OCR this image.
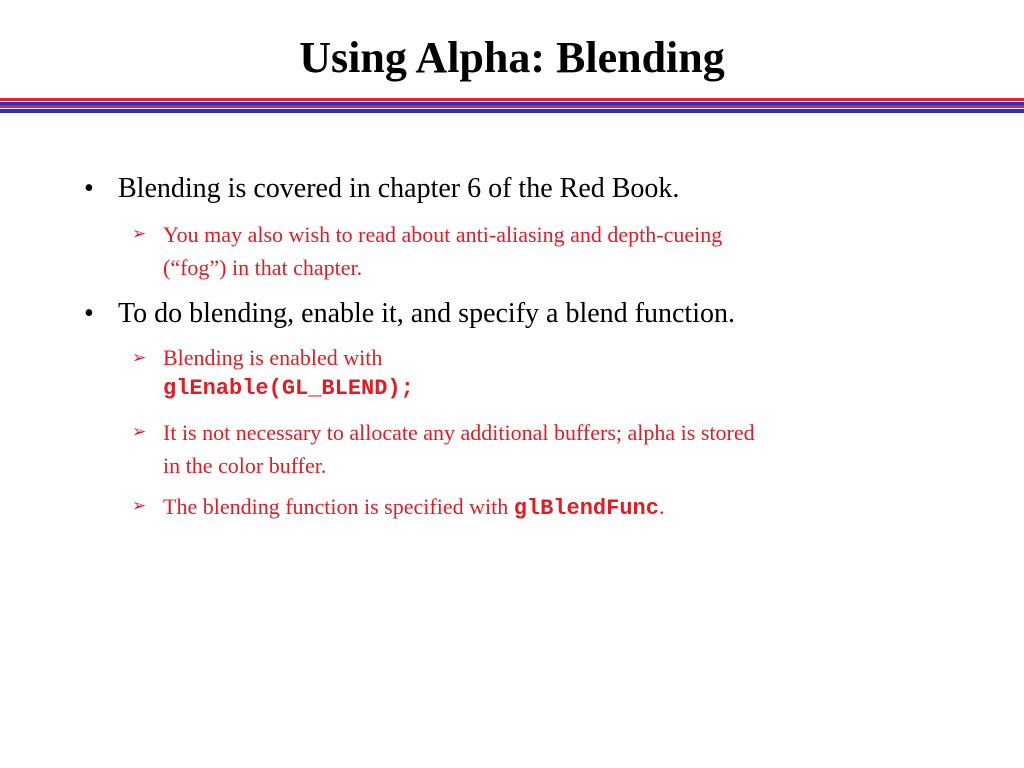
Using Alpha: Blending
• Blending is covered in chapter 6 of the Red Book.
➢ You may also wish to read about anti-aliasing and depth-cueing
(“fog”) in that chapter.
• To do blending, enable it, and specify a blend function.
➢ Blending is enabled with
glEnable(GL_BLEND);
➢ It is not necessary to allocate any additional buffers; alpha is stored
in the color buffer.
➢ The blending function is specified with glBlendFunc.
